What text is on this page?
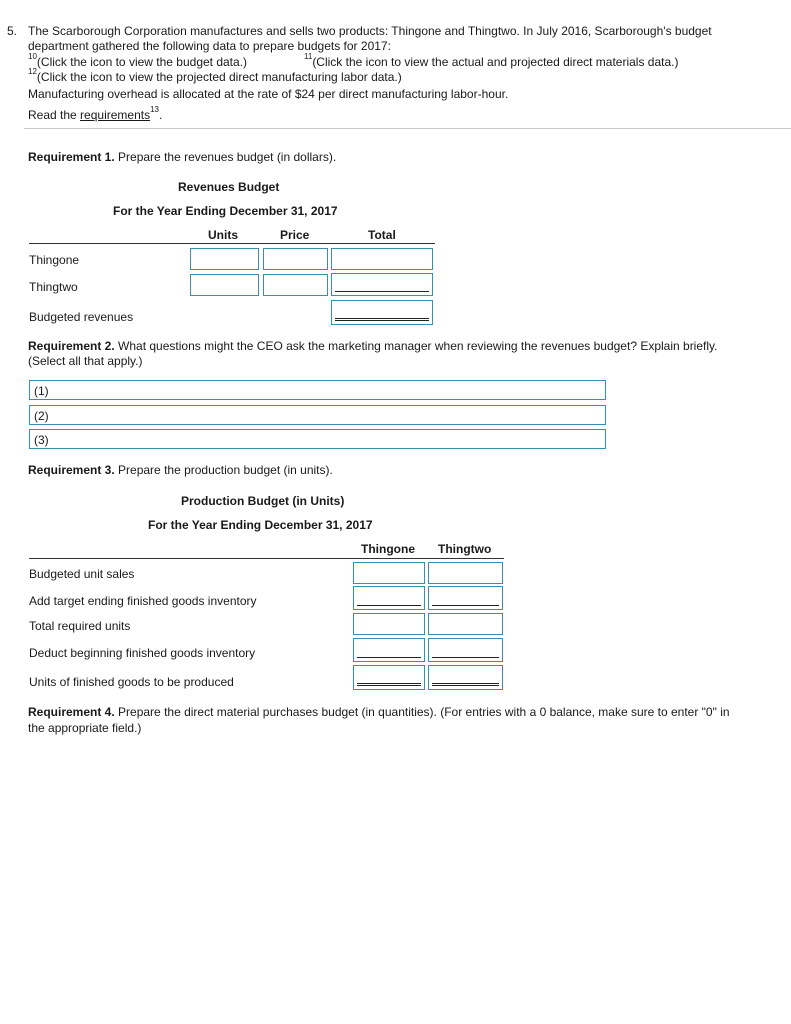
5. The Scarborough Corporation manufactures and sells two products: Thingone and Thingtwo. In July 2016, Scarborough's budget
department gathered the following data to prepare budgets for 2017:
$^{10}$(Click the icon to view the budget data.)	$^{11}$(Click the icon to view the actual and projected direct materials data.)
$^{12}$(Click the icon to view the projected direct manufacturing labor data.)
Manufacturing overhead is allocated at the rate of $24 per direct manufacturing labor-hour.
Read the requirements$^{13}$.
Requirement 1. Prepare the revenues budget (in dollars).
Revenues Budget
For the Year Ending December 31, 2017
Units	Price	Total
Thingone
Thingtwo
Budgeted revenues
Requirement 2. What questions might the CEO ask the marketing manager when reviewing the revenues budget? Explain briefly.
(Select all that apply.)
(1)
(2)
(3)
Requirement 3. Prepare the production budget (in units).
Production Budget (in Units)
For the Year Ending December 31, 2017
Thingone Thingtwo
Budgeted unit sales
Add target ending finished goods inventory
Total required units
Deduct beginning finished goods inventory
Units of finished goods to be produced
Requirement 4. Prepare the direct material purchases budget (in quantities). (For entries with a 0 balance, make sure to enter "0" in
the appropriate field.)
